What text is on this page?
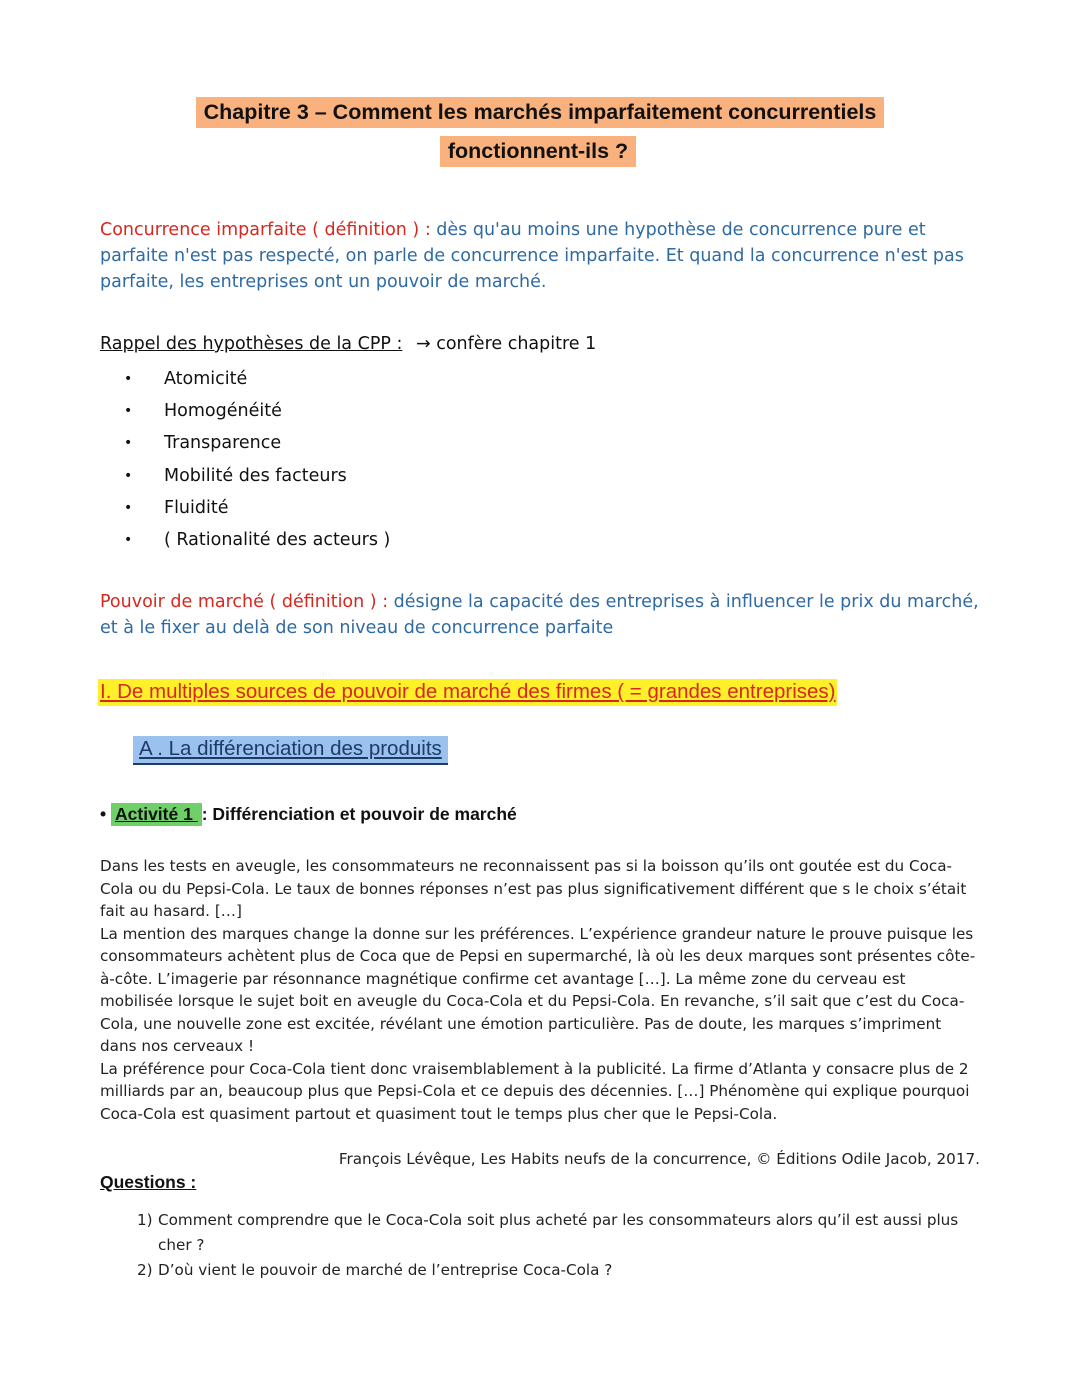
Chapitre 3 – Comment les marchés imparfaitement concurrentiels
fonctionnent-ils ?
Concurrence imparfaite ( définition ) : dès qu'au moins une hypothèse de concurrence pure et parfaite n'est pas respecté, on parle de concurrence imparfaite. Et quand la concurrence n'est pas parfaite, les entreprises ont un pouvoir de marché.
Rappel des hypothèses de la CPP : → confère chapitre 1
• Atomicité
• Homogénéité
• Transparence
• Mobilité des facteurs
• Fluidité
• ( Rationalité des acteurs )
Pouvoir de marché ( définition ) : désigne la capacité des entreprises à influencer le prix du marché, et à le fixer au delà de son niveau de concurrence parfaite
I. De multiples sources de pouvoir de marché des firmes ( = grandes entreprises)
A . La différenciation des produits
• Activité 1 : Différenciation et pouvoir de marché

Dans les tests en aveugle, les consommateurs ne reconnaissent pas si la boisson qu’ils ont goutée est du Coca-Cola ou du Pepsi-Cola. Le taux de bonnes réponses n’est pas plus significativement différent que s le choix s’était fait au hasard. […]

La mention des marques change la donne sur les préférences. L’expérience grandeur nature le prouve puisque les consommateurs achètent plus de Coca que de Pepsi en supermarché, là où les deux marques sont présentes côte-à-côte. L’imagerie par résonnance magnétique confirme cet avantage […]. La même zone du cerveau est mobilisée lorsque le sujet boit en aveugle du Coca-Cola et du Pepsi-Cola. En revanche, s’il sait que c’est du Coca-Cola, une nouvelle zone est excitée, révélant une émotion particulière. Pas de doute, les marques s’impriment dans nos cerveaux !

La préférence pour Coca-Cola tient donc vraisemblablement à la publicité. La firme d’Atlanta y consacre plus de 2 milliards par an, beaucoup plus que Pepsi-Cola et ce depuis des décennies. […] Phénomène qui explique pourquoi Coca-Cola est quasiment partout et quasiment tout le temps plus cher que le Pepsi-Cola.

François Lévêque, Les Habits neufs de la concurrence, © Éditions Odile Jacob, 2017.
Questions :
1) Comment comprendre que le Coca-Cola soit plus acheté par les consommateurs alors qu’il est aussi plus
cher ?
2) D’où vient le pouvoir de marché de l’entreprise Coca-Cola ?
